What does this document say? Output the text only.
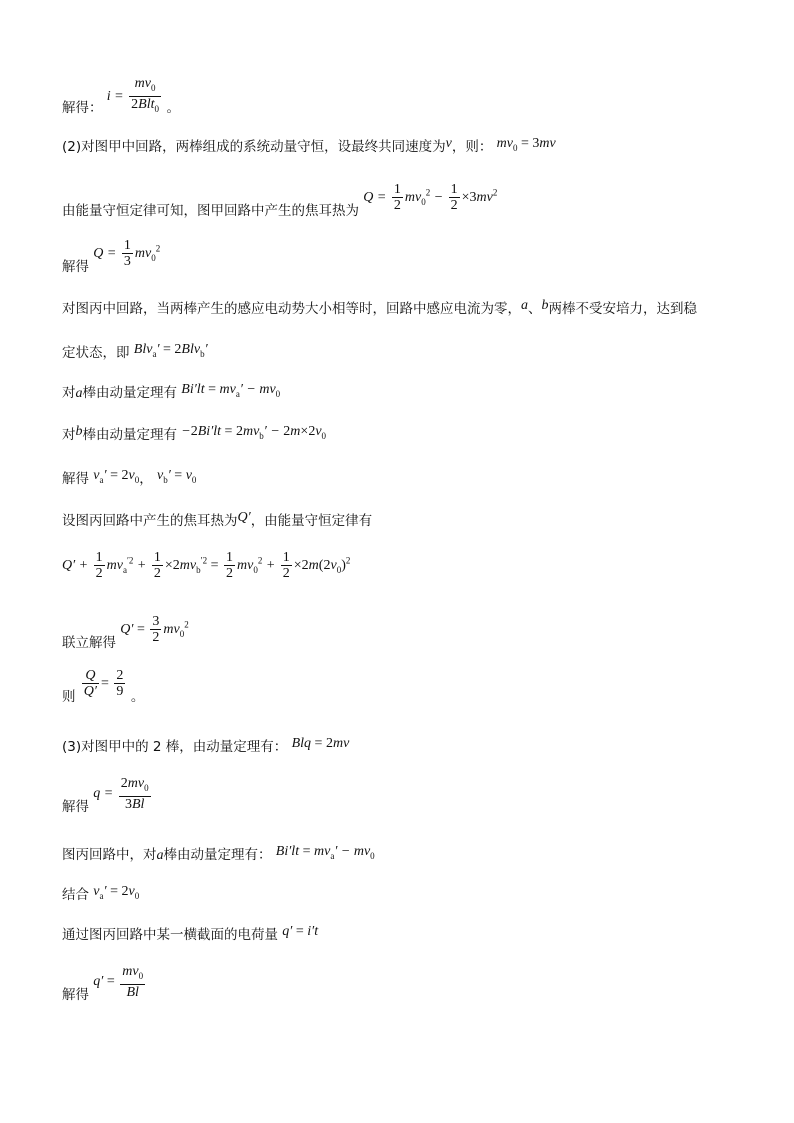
解得： $i = \frac{mv_0}{2Blt_0}$ 。
(2)对图甲中回路，两棒组成的系统动量守恒，设最终共同速度为v，则： $mv_0 = 3mv$
由能量守恒定律可知，图甲回路中产生的焦耳热为 $Q = \frac{1}{2} mv_0^2 - \frac{1}{2} \times 3mv^2$
解得 $Q = \frac{1}{3} mv_0^2$
对图丙中回路，当两棒产生的感应电动势大小相等时，回路中感应电流为零，a、b两棒不受安培力，达到稳
定状态，即 Blv$_a$′ = 2Blv$_b$′
对a棒由动量定理有 $Bi'lt = mv_a' - mv_0$
对b棒由动量定理有 $-2Bi'lt = 2mv_b' - 2m\times 2v_0$
解得 $v_a' = 2v_0$， $v_b' = v_0$
设图丙回路中产生的焦耳热为Q′，由能量守恒定律有
$Q' + \frac{1}{2} mv_a^{'2} + \frac{1}{2} \times 2mv_b^{'2} = \frac{1}{2} mv_0^2 + \frac{1}{2} \times 2m(2v_0)^2$
联立解得 $Q' = \frac{3}{2} mv_0^2$
则 $\frac{Q}{Q'} = \frac{2}{9}$ 。
(3)对图甲中的 2 棒，由动量定理有： Blq = 2mv
解得 $q = \frac{2mv_0}{3Bl}$
图丙回路中，对a棒由动量定理有： $Bi'lt = mv_a' - mv_0$
结合 $v_a' = 2v_0$
通过图丙回路中某一横截面的电荷量 q′ = i′t
解得 $q' = \frac{mv_0}{Bl}$
